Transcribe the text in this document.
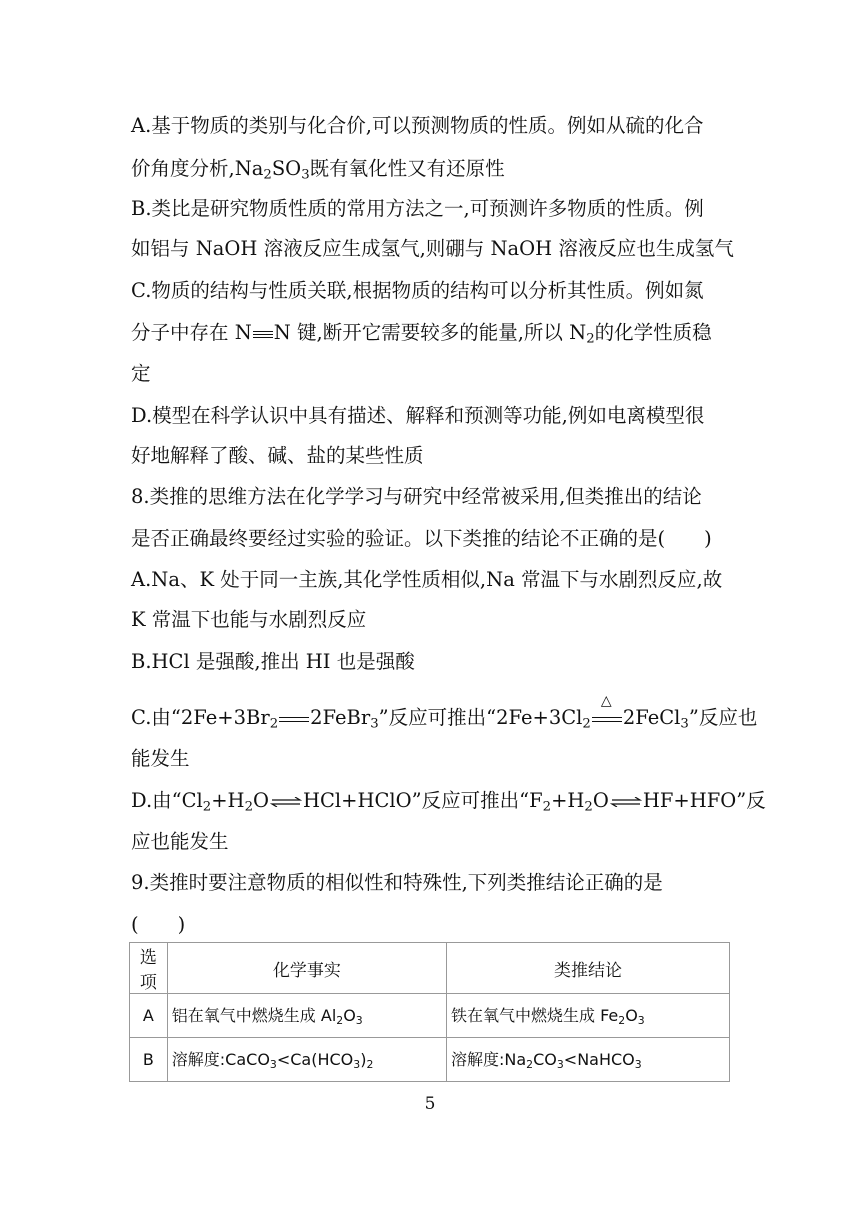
A.基于物质的类别与化合价,可以预测物质的性质。例如从硫的化合
价角度分析$,Na_2SO_3$既有氧化性又有还原性
B.类比是研究物质性质的常用方法之一,可预测许多物质的性质。例
如铝与 NaOH 溶液反应生成氢气,则硼与 NaOH 溶液反应也生成氢气
C.物质的结构与性质关联,根据物质的结构可以分析其性质。例如氮
分子中存在 N N 键,断开它需要较多的能量,所以 $N_2$的化学性质稳
定
D.模型在科学认识中具有描述、解释和预测等功能,例如电离模型很
好地解释了酸、碱、盐的某些性质
8.类推的思维方法在化学学习与研究中经常被采用,但类推出的结论
是否正确最终要经过实验的验证。以下类推的结论不正确的是(　　)
A.Na、K 处于同一主族,其化学性质相似,Na 常温下与水剧烈反应,故
K 常温下也能与水剧烈反应
B.HCl 是强酸,推出 HI 也是强酸
C.由“$2Fe+3Br_2$ 2FeBr$_3$”反应可推出“$2Fe+3Cl_2$
△
2FeCl$_3$”反应也
能发生
D.由“$Cl_2+H_2O\rightleftharpoons HCl+HClO$”反应可推出“$F_2+H_2O\rightleftharpoons HF+HFO$”反
应也能发生
9.类推时要注意物质的相似性和特殊性,下列类推结论正确的是
(　　)
选项	化学事实	类推结论
A	铝在氧气中燃烧生成 $Al_2O_3$	铁在氧气中燃烧生成 $Fe_2O_3$
B	溶解度$:CaCO_3<Ca(HCO_3)_2$	溶解度$:Na_2CO_3<NaHCO_3$
5
